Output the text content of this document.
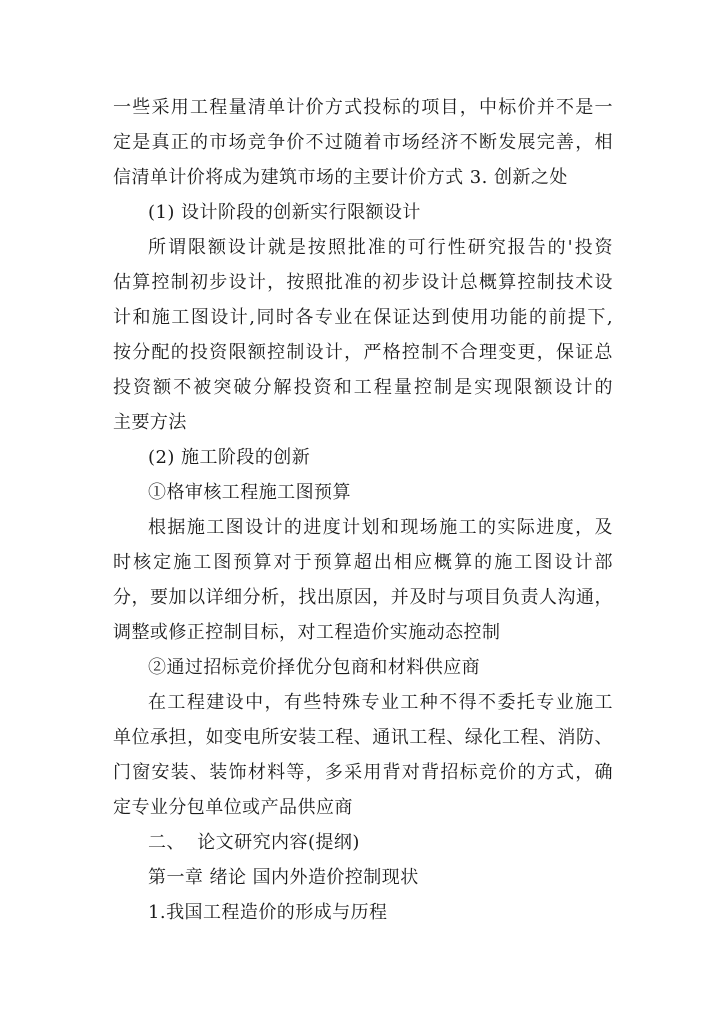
一些采用工程量清单计价方式投标的项目，中标价并不是一
定是真正的市场竞争价不过随着市场经济不断发展完善，相
信清单计价将成为建筑市场的主要计价方式 3. 创新之处
(1) 设计阶段的创新实行限额设计
所谓限额设计就是按照批准的可行性研究报告的'投资
估算控制初步设计，按照批准的初步设计总概算控制技术设
计和施工图设计,同时各专业在保证达到使用功能的前提下,
按分配的投资限额控制设计，严格控制不合理变更，保证总
投资额不被突破分解投资和工程量控制是实现限额设计的
主要方法
(2) 施工阶段的创新
①格审核工程施工图预算
根据施工图设计的进度计划和现场施工的实际进度，及
时核定施工图预算对于预算超出相应概算的施工图设计部
分，要加以详细分析，找出原因，并及时与项目负责人沟通，
调整或修正控制目标，对工程造价实施动态控制
②通过招标竞价择优分包商和材料供应商
在工程建设中，有些特殊专业工种不得不委托专业施工
单位承担，如变电所安装工程、通讯工程、绿化工程、消防、
门窗安装、装饰材料等，多采用背对背招标竞价的方式，确
定专业分包单位或产品供应商
二、  论文研究内容(提纲)
第一章 绪论 国内外造价控制现状
1.我国工程造价的形成与历程
